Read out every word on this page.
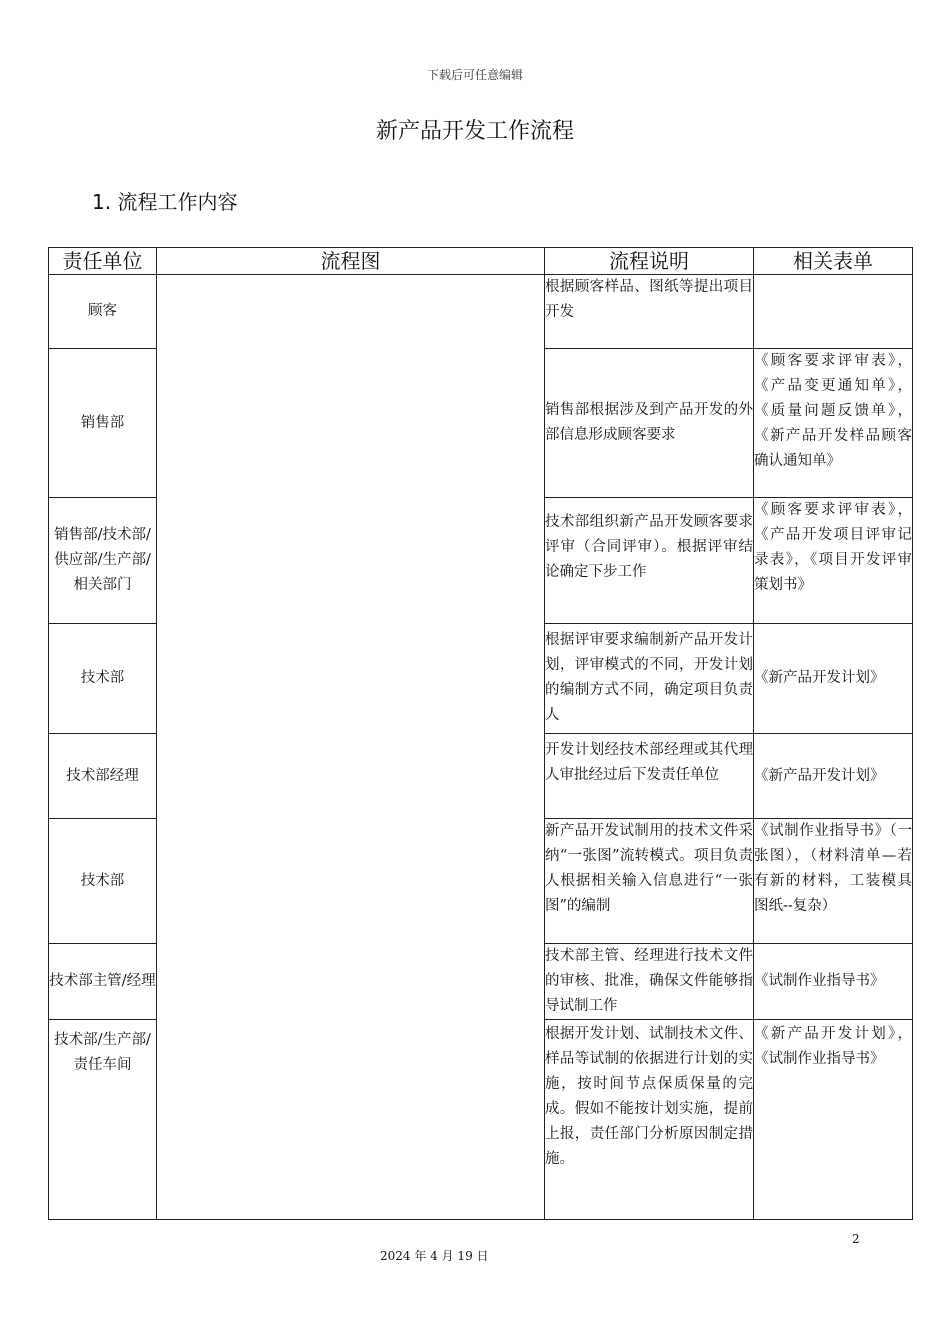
下载后可任意编辑
新产品开发工作流程
1. 流程工作内容
责任单位	流程图	流程说明	相关表单
顾客		根据顾客样品、图纸等提出项目开发	
销售部		销售部根据涉及到产品开发的外部信息形成顾客要求	《顾客要求评审表》，《产品变更通知单》，《质量问题反馈单》，《新产品开发样品顾客确认通知单》
销售部/技术部/供应部/生产部/相关部门		技术部组织新产品开发顾客要求评审（合同评审）。根据评审结论确定下步工作	《顾客要求评审表》，《产品开发项目评审记录表》，《项目开发评审策划书》
技术部		根据评审要求编制新产品开发计划，评审模式的不同，开发计划的编制方式不同，确定项目负责人	《新产品开发计划》
技术部经理		开发计划经技术部经理或其代理人审批经过后下发责任单位	《新产品开发计划》
技术部		新产品开发试制用的技术文件采纳“一张图”流转模式。项目负责人根据相关输入信息进行“一张图”的编制	《试制作业指导书》（一张图），（材料清单—若有新的材料，工装模具图纸--复杂）
技术部主管/经理		技术部主管、经理进行技术文件的审核、批准，确保文件能够指导试制工作	《试制作业指导书》
技术部/生产部/责任车间		根据开发计划、试制技术文件、样品等试制的依据进行计划的实施，按时间节点保质保量的完成。假如不能按计划实施，提前上报，责任部门分析原因制定措施。	《新产品开发计划》，《试制作业指导书》
2
2024 年 4 月 19 日
